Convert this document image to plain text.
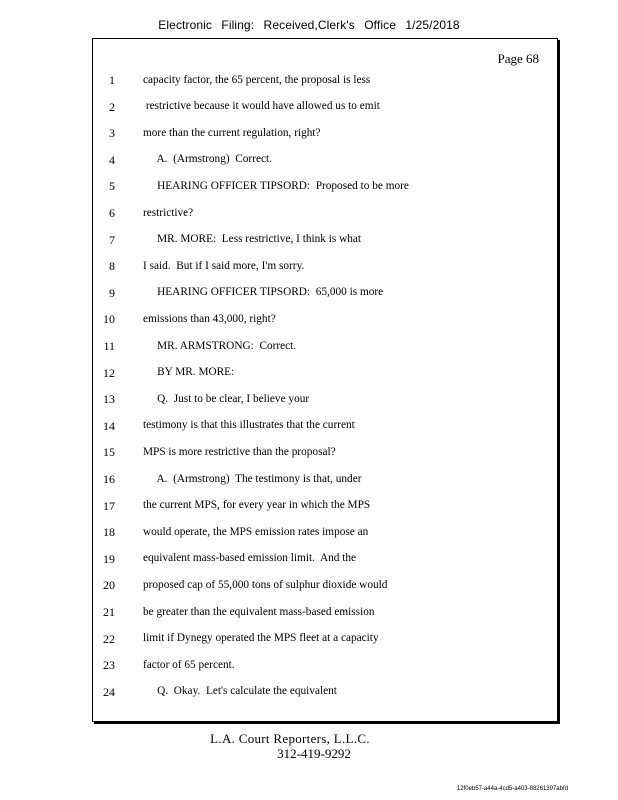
Electronic Filing: Received,Clerk's Office 1/25/2018
Page 68
1 capacity factor, the 65 percent, the proposal is less
2 restrictive because it would have allowed us to emit
3 more than the current regulation, right?
4 A.  (Armstrong)  Correct.
5 HEARING OFFICER TIPSORD:  Proposed to be more
6 restrictive?
7 MR. MORE:  Less restrictive, I think is what
8 I said.  But if I said more, I'm sorry.
9 HEARING OFFICER TIPSORD:  65,000 is more
10 emissions than 43,000, right?
11 MR. ARMSTRONG:  Correct.
12 BY MR. MORE:
13 Q.  Just to be clear, I believe your
14 testimony is that this illustrates that the current
15 MPS is more restrictive than the proposal?
16 A.  (Armstrong)  The testimony is that, under
17 the current MPS, for every year in which the MPS
18 would operate, the MPS emission rates impose an
19 equivalent mass-based emission limit.  And the
20 proposed cap of 55,000 tons of sulphur dioxide would
21 be greater than the equivalent mass-based emission
22 limit if Dynegy operated the MPS fleet at a capacity
23 factor of 65 percent.
24 Q.  Okay.  Let's calculate the equivalent
L.A. Court Reporters, L.L.C.
312-419-9292
12f0eb57-a44a-4cd5-a403-88261397abfd
